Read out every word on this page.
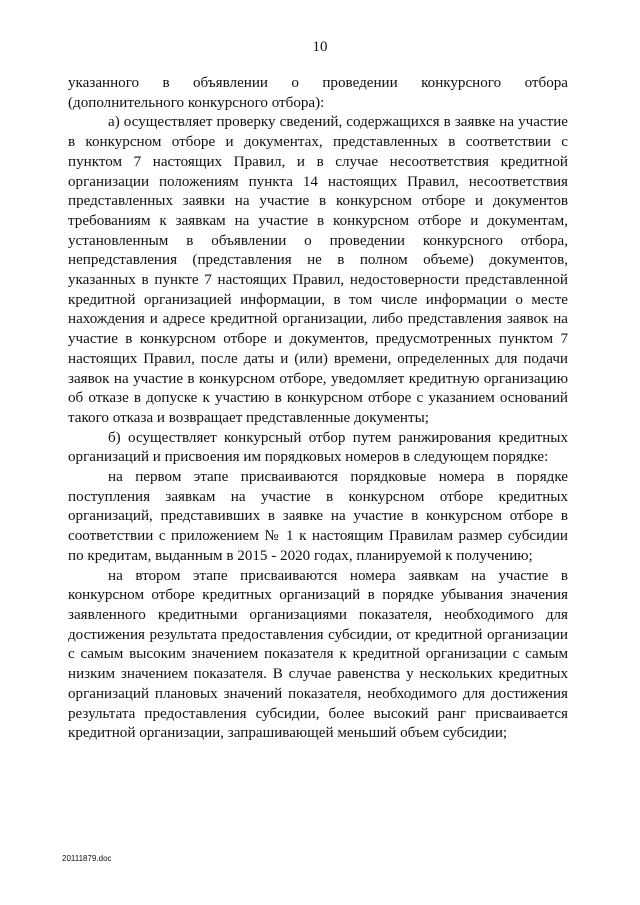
10

указанного в объявлении о проведении конкурсного отбора (дополнительного конкурсного отбора):

а) осуществляет проверку сведений, содержащихся в заявке на участие в конкурсном отборе и документах, представленных в соответствии с пунктом 7 настоящих Правил, и в случае несоответствия кредитной организации положениям пункта 14 настоящих Правил, несоответствия представленных заявки на участие в конкурсном отборе и документов требованиям к заявкам на участие в конкурсном отборе и документам, установленным в объявлении о проведении конкурсного отбора, непредставления (представления не в полном объеме) документов, указанных в пункте 7 настоящих Правил, недостоверности представленной кредитной организацией информации, в том числе информации о месте нахождения и адресе кредитной организации, либо представления заявок на участие в конкурсном отборе и документов, предусмотренных пунктом 7 настоящих Правил, после даты и (или) времени, определенных для подачи заявок на участие в конкурсном отборе, уведомляет кредитную организацию об отказе в допуске к участию в конкурсном отборе с указанием оснований такого отказа и возвращает представленные документы;

б) осуществляет конкурсный отбор путем ранжирования кредитных организаций и присвоения им порядковых номеров в следующем порядке:

на первом этапе присваиваются порядковые номера в порядке поступления заявкам на участие в конкурсном отборе кредитных организаций, представивших в заявке на участие в конкурсном отборе в соответствии с приложением № 1 к настоящим Правилам размер субсидии по кредитам, выданным в 2015 - 2020 годах, планируемой к получению;

на втором этапе присваиваются номера заявкам на участие в конкурсном отборе кредитных организаций в порядке убывания значения заявленного кредитными организациями показателя, необходимого для достижения результата предоставления субсидии, от кредитной организации с самым высоким значением показателя к кредитной организации с самым низким значением показателя. В случае равенства у нескольких кредитных организаций плановых значений показателя, необходимого для достижения результата предоставления субсидии, более высокий ранг присваивается кредитной организации, запрашивающей меньший объем субсидии;

20111879.doc
